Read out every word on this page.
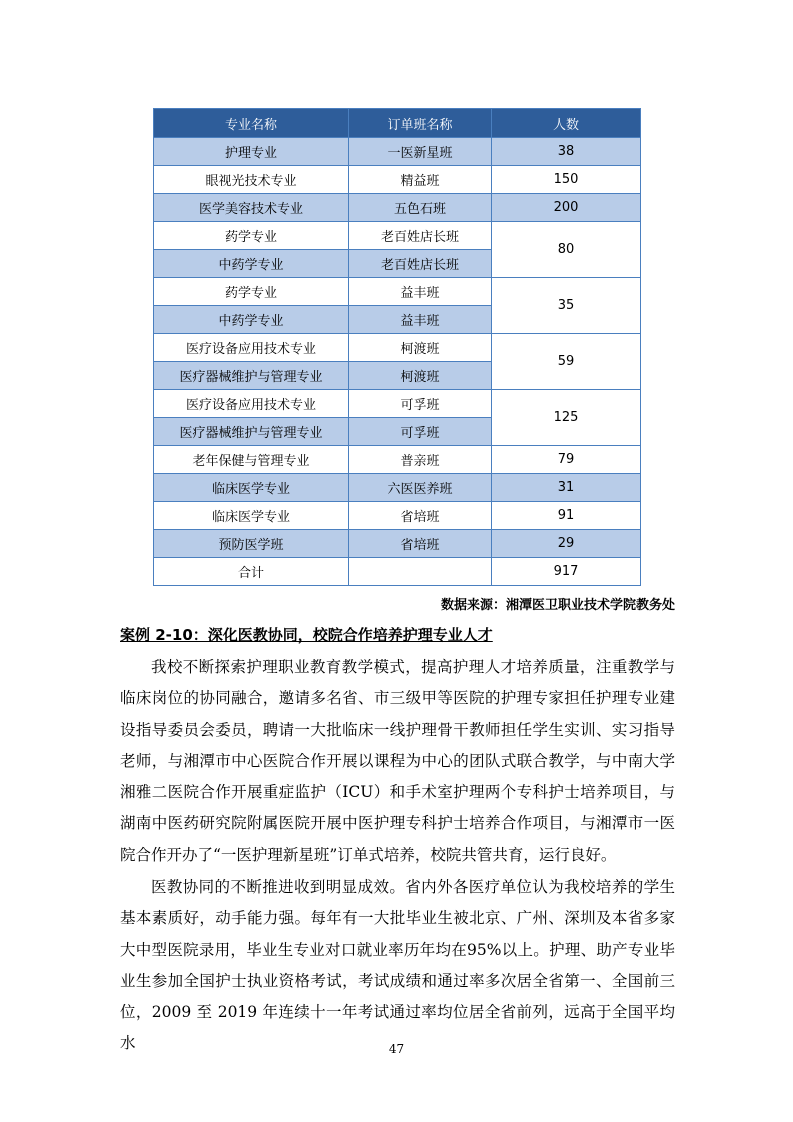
专业名称	订单班名称	人数
护理专业	一医新星班	38
眼视光技术专业	精益班	150
医学美容技术专业	五色石班	200
药学专业	老百姓店长班	80
中药学专业	老百姓店长班	
药学专业	益丰班	35
中药学专业	益丰班	
医疗设备应用技术专业	柯渡班	59
医疗器械维护与管理专业	柯渡班	
医疗设备应用技术专业	可孚班	125
医疗器械维护与管理专业	可孚班	
老年保健与管理专业	普亲班	79
临床医学专业	六医医养班	31
临床医学专业	省培班	91
预防医学班	省培班	29
合计		917
数据来源：湘潭医卫职业技术学院教务处
案例 2-10：深化医教协同，校院合作培养护理专业人才

我校不断探索护理职业教育教学模式，提高护理人才培养质量，注重教学与临床岗位的协同融合，邀请多名省、市三级甲等医院的护理专家担任护理专业建设指导委员会委员，聘请一大批临床一线护理骨干教师担任学生实训、实习指导老师，与湘潭市中心医院合作开展以课程为中心的团队式联合教学，与中南大学湘雅二医院合作开展重症监护（ICU）和手术室护理两个专科护士培养项目，与湖南中医药研究院附属医院开展中医护理专科护士培养合作项目，与湘潭市一医院合作开办了“一医护理新星班”订单式培养，校院共管共育，运行良好。

医教协同的不断推进收到明显成效。省内外各医疗单位认为我校培养的学生基本素质好，动手能力强。每年有一大批毕业生被北京、广州、深圳及本省多家大中型医院录用，毕业生专业对口就业率历年均在95%以上。护理、助产专业毕业生参加全国护士执业资格考试，考试成绩和通过率多次居全省第一、全国前三位，2009 至 2019 年连续十一年考试通过率均位居全省前列，远高于全国平均水	47
